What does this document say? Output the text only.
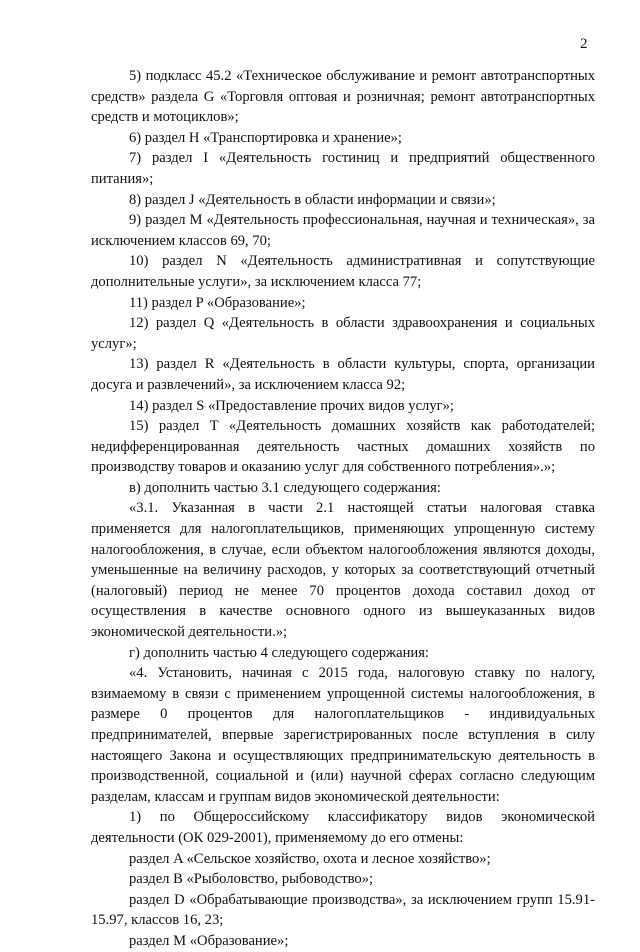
2

5) подкласс 45.2 «Техническое обслуживание и ремонт автотранспортных средств» раздела G «Торговля оптовая и розничная; ремонт автотранспортных средств и мотоциклов»;

6) раздел H «Транспортировка и хранение»;

7) раздел I «Деятельность гостиниц и предприятий общественного питания»;

8) раздел J «Деятельность в области информации и связи»;

9) раздел M «Деятельность профессиональная, научная и техническая», за исключением классов 69, 70;

10) раздел N «Деятельность административная и сопутствующие дополнительные услуги», за исключением класса 77;

11) раздел P «Образование»;

12) раздел Q «Деятельность в области здравоохранения и социальных услуг»;

13) раздел R «Деятельность в области культуры, спорта, организации досуга и развлечений», за исключением класса 92;

14) раздел S «Предоставление прочих видов услуг»;

15) раздел T «Деятельность домашних хозяйств как работодателей; недифференцированная деятельность частных домашних хозяйств по производству товаров и оказанию услуг для собственного потребления».»;

в) дополнить частью 3.1 следующего содержания:

«3.1. Указанная в части 2.1 настоящей статьи налоговая ставка применяется для налогоплательщиков, применяющих упрощенную систему налогообложения, в случае, если объектом налогообложения являются доходы, уменьшенные на величину расходов, у которых за соответствующий отчетный (налоговый) период не менее 70 процентов дохода составил доход от осуществления в качестве основного одного из вышеуказанных видов экономической деятельности.»;

г) дополнить частью 4 следующего содержания:

«4. Установить, начиная с 2015 года, налоговую ставку по налогу, взимаемому в связи с применением упрощенной системы налогообложения, в размере 0 процентов для налогоплательщиков - индивидуальных предпринимателей, впервые зарегистрированных после вступления в силу настоящего Закона и осуществляющих предпринимательскую деятельность в производственной, социальной и (или) научной сферах согласно следующим разделам, классам и группам видов экономической деятельности:

1) по Общероссийскому классификатору видов экономической деятельности (ОК 029-2001), применяемому до его отмены:

раздел A «Сельское хозяйство, охота и лесное хозяйство»;

раздел B «Рыболовство, рыбоводство»;

раздел D «Обрабатывающие производства», за исключением групп 15.91-15.97, классов 16, 23;

раздел M «Образование»;
